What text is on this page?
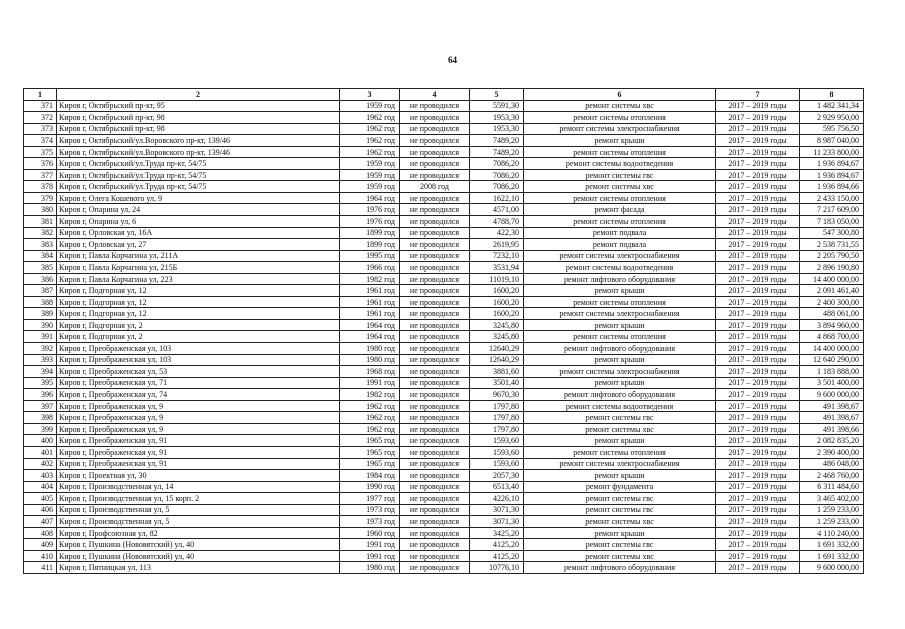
64
1	2	3	4	5	6	7	8
371	Киров г, Октябрьский пр-кт, 95	1959 год	не проводился	5591,30	ремонт системы хвс	2017 – 2019 годы	1 482 341,34
372	Киров г, Октябрьский пр-кт, 98	1962 год	не проводился	1953,30	ремонт системы отопления	2017 – 2019 годы	2 929 950,00
373	Киров г, Октябрьский пр-кт, 98	1962 год	не проводился	1953,30	ремонт системы электроснабжения	2017 – 2019 годы	595 756,50
374	Киров г, Октябрьский/ул.Воровского пр-кт, 139/46	1962 год	не проводился	7489,20	ремонт крыши	2017 – 2019 годы	8 987 040,00
375	Киров г, Октябрьский/ул.Воровского пр-кт, 139/46	1962 год	не проводился	7489,20	ремонт системы отопления	2017 – 2019 годы	11 233 800,00
376	Киров г, Октябрьский/ул.Труда пр-кт, 54/75	1959 год	не проводился	7086,20	ремонт системы водоотведения	2017 – 2019 годы	1 936 894,67
377	Киров г, Октябрьский/ул.Труда пр-кт, 54/75	1959 год	не проводился	7086,20	ремонт системы гвс	2017 – 2019 годы	1 936 894,67
378	Киров г, Октябрьский/ул.Труда пр-кт, 54/75	1959 год	2008 год	7086,20	ремонт системы хвс	2017 – 2019 годы	1 936 894,66
379	Киров г, Олега Кошевого ул, 9	1964 год	не проводился	1622,10	ремонт системы отопления	2017 – 2019 годы	2 433 150,00
380	Киров г, Опарина ул, 24	1976 год	не проводился	4571,00	ремонт фасада	2017 – 2019 годы	7 217 609,00
381	Киров г, Опарина ул, 6	1976 год	не проводился	4788,70	ремонт системы отопления	2017 – 2019 годы	7 183 050,00
382	Киров г, Орловская ул, 16А	1899 год	не проводился	422,30	ремонт подвала	2017 – 2019 годы	547 300,80
383	Киров г, Орловская ул, 27	1899 год	не проводился	2619,95	ремонт подвала	2017 – 2019 годы	2 538 731,55
384	Киров г, Павла Корчагина ул, 211А	1995 год	не проводился	7232,10	ремонт системы электроснабжения	2017 – 2019 годы	2 205 790,50
385	Киров г, Павла Корчагина ул, 215Б	1966 год	не проводился	3531,94	ремонт системы водоотведения	2017 – 2019 годы	2 896 190,80
386	Киров г, Павла Корчагина ул, 223	1982 год	не проводился	11019,10	ремонт лифтового оборудования	2017 – 2019 годы	14 400 000,00
387	Киров г, Подгорная ул, 12	1961 год	не проводился	1600,20	ремонт крыши	2017 – 2019 годы	2 091 461,40
388	Киров г, Подгорная ул, 12	1961 год	не проводился	1600,20	ремонт системы отопления	2017 – 2019 годы	2 400 300,00
389	Киров г, Подгорная ул, 12	1961 год	не проводился	1600,20	ремонт системы электроснабжения	2017 – 2019 годы	488 061,00
390	Киров г, Подгорная ул, 2	1964 год	не проводился	3245,80	ремонт крыши	2017 – 2019 годы	3 894 960,00
391	Киров г, Подгорная ул, 2	1964 год	не проводился	3245,80	ремонт системы отопления	2017 – 2019 годы	4 868 700,00
392	Киров г, Преображенская ул, 103	1980 год	не проводился	12640,29	ремонт лифтового оборудования	2017 – 2019 годы	14 400 000,00
393	Киров г, Преображенская ул, 103	1980 год	не проводился	12640,29	ремонт крыши	2017 – 2019 годы	12 640 290,00
394	Киров г, Преображенская ул, 53	1968 год	не проводился	3881,60	ремонт системы электроснабжения	2017 – 2019 годы	1 183 888,00
395	Киров г, Преображенская ул, 71	1991 год	не проводился	3501,40	ремонт крыши	2017 – 2019 годы	3 501 400,00
396	Киров г, Преображенская ул, 74	1982 год	не проводился	9670,30	ремонт лифтового оборудования	2017 – 2019 годы	9 600 000,00
397	Киров г, Преображенская ул, 9	1962 год	не проводился	1797,80	ремонт системы водоотведения	2017 – 2019 годы	491 398,67
398	Киров г, Преображенская ул, 9	1962 год	не проводился	1797,80	ремонт системы гвс	2017 – 2019 годы	491 398,67
399	Киров г, Преображенская ул, 9	1962 год	не проводился	1797,80	ремонт системы хвс	2017 – 2019 годы	491 398,66
400	Киров г, Преображенская ул, 91	1965 год	не проводился	1593,60	ремонт крыши	2017 – 2019 годы	2 082 835,20
401	Киров г, Преображенская ул, 91	1965 год	не проводился	1593,60	ремонт системы отопления	2017 – 2019 годы	2 390 400,00
402	Киров г, Преображенская ул, 91	1965 год	не проводился	1593,60	ремонт системы электроснабжения	2017 – 2019 годы	486 048,00
403	Киров г, Проектная ул, 30	1984 год	не проводился	2057,30	ремонт крыши	2017 – 2019 годы	2 468 760,00
404	Киров г, Производственная ул, 14	1990 год	не проводился	6513,40	ремонт фундамента	2017 – 2019 годы	6 311 484,60
405	Киров г, Производственная ул, 15 корп. 2	1977 год	не проводился	4226,10	ремонт системы гвс	2017 – 2019 годы	3 465 402,00
406	Киров г, Производственная ул, 5	1973 год	не проводился	3071,30	ремонт системы гвс	2017 – 2019 годы	1 259 233,00
407	Киров г, Производственная ул, 5	1973 год	не проводился	3071,30	ремонт системы хвс	2017 – 2019 годы	1 259 233,00
408	Киров г, Профсоюзная ул, 82	1960 год	не проводился	3425,20	ремонт крыши	2017 – 2019 годы	4 110 240,00
409	Киров г, Пушкина (Нововятский) ул, 40	1991 год	не проводился	4125,20	ремонт системы гвс	2017 – 2019 годы	1 691 332,00
410	Киров г, Пушкина (Нововятский) ул, 40	1991 год	не проводился	4125,20	ремонт системы хвс	2017 – 2019 годы	1 691 332,00
411	Киров г, Пятницкая ул, 113	1980 год	не проводился	10776,10	ремонт лифтового оборудования	2017 – 2019 годы	9 600 000,00
